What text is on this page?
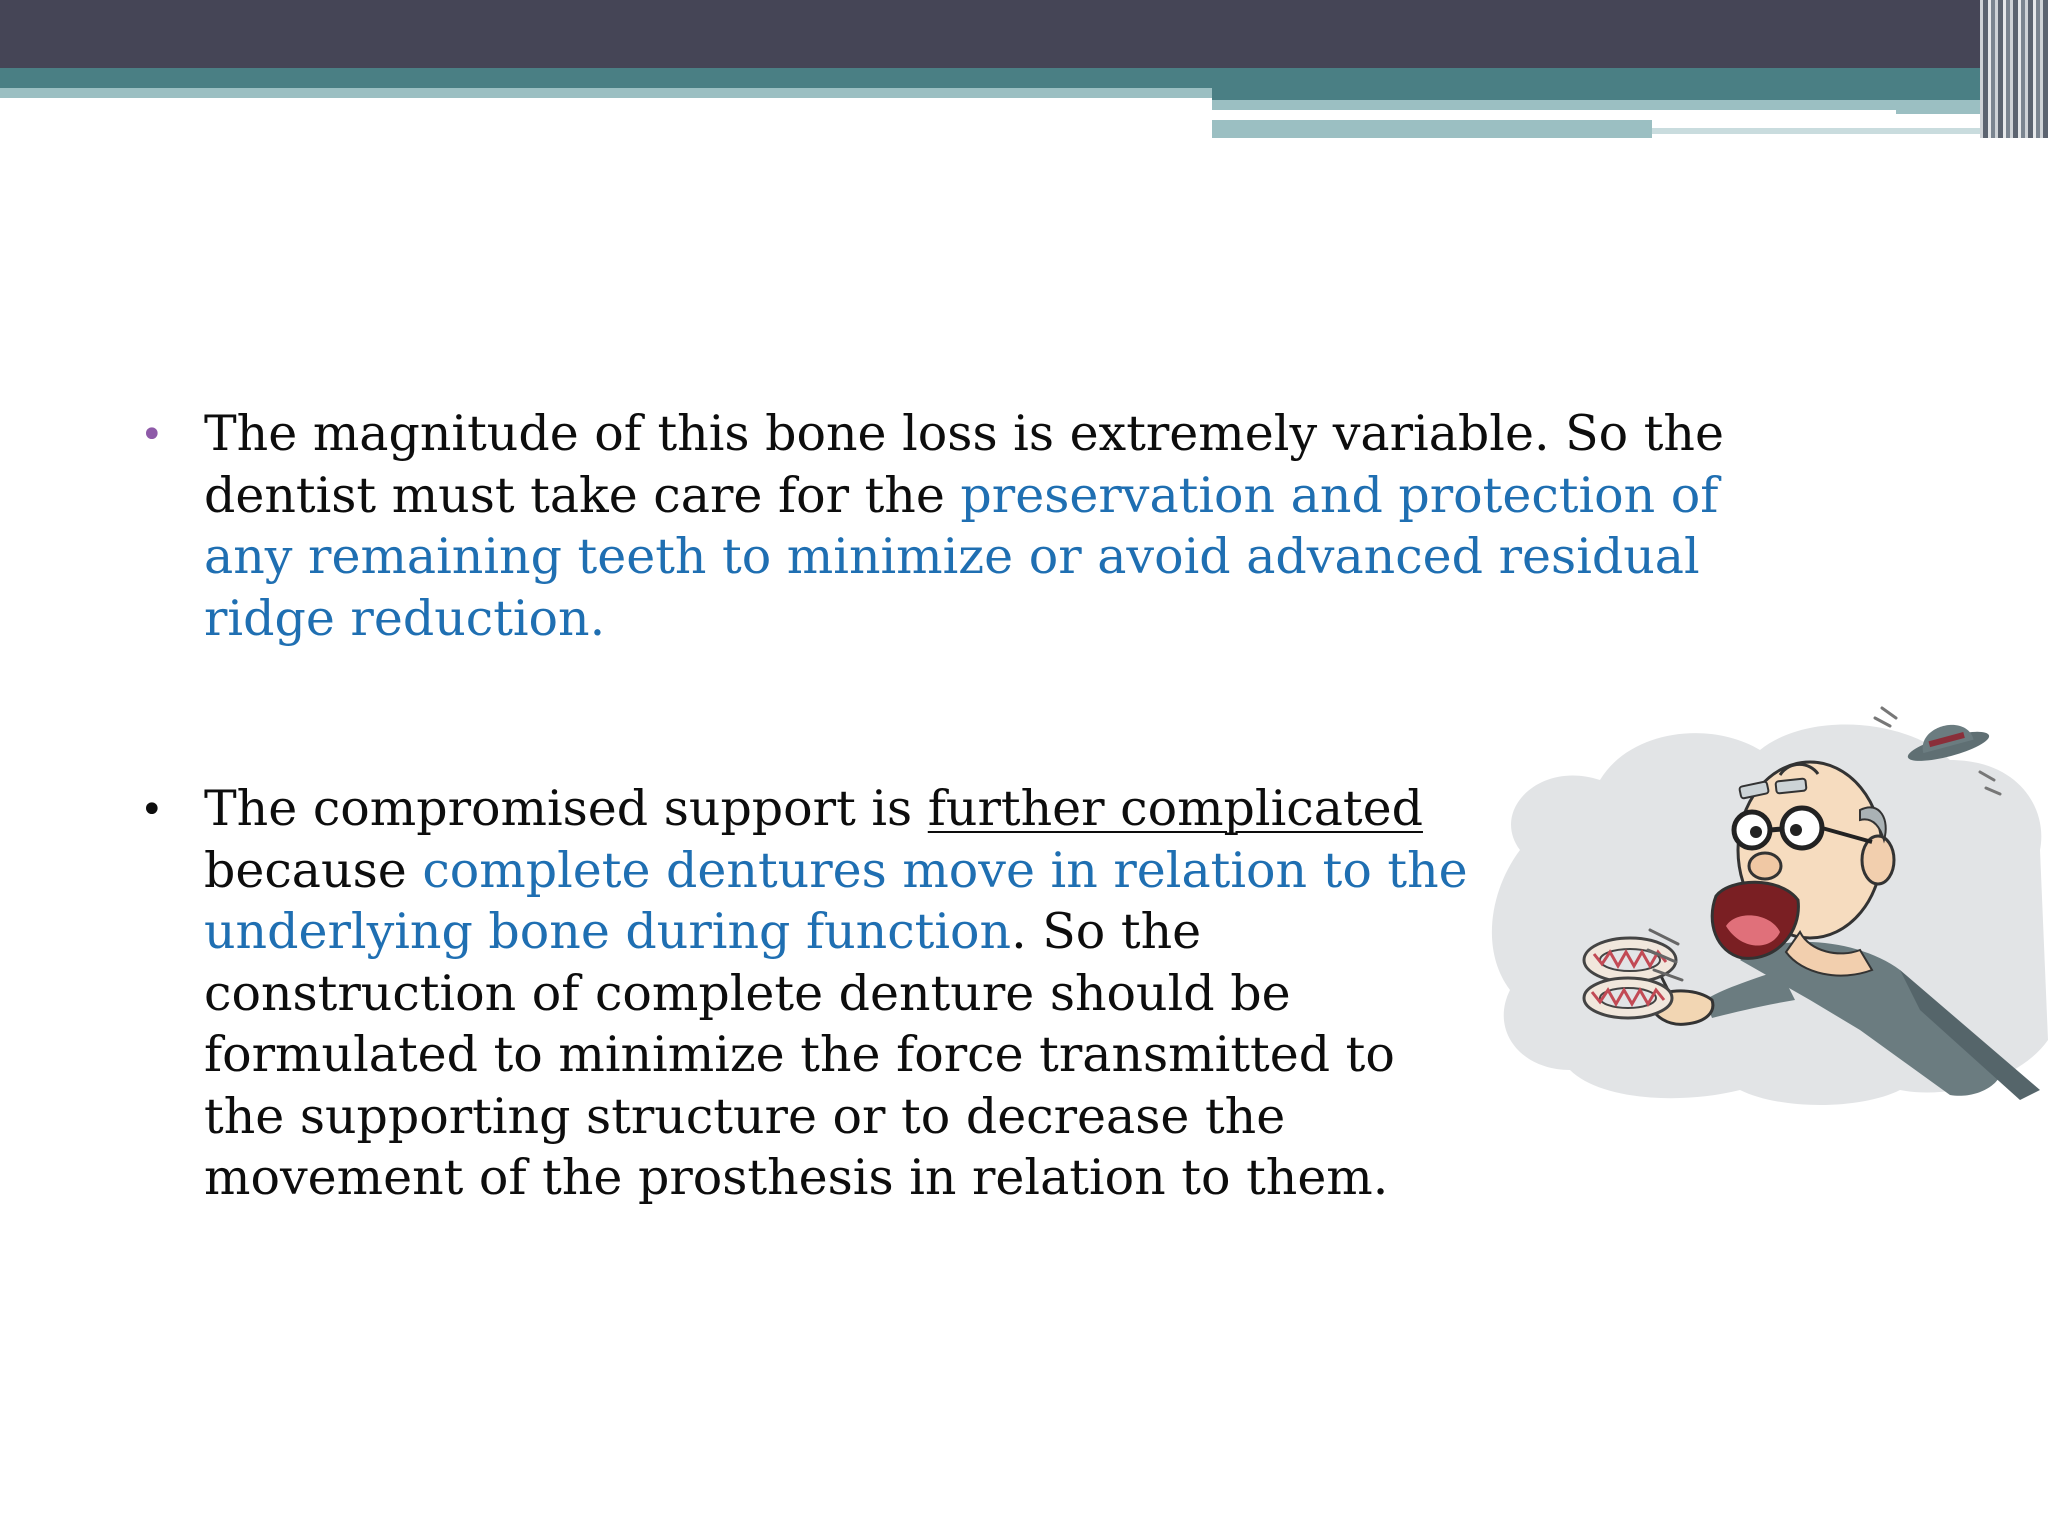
• The magnitude of this bone loss is extremely variable. So the dentist must take care for the preservation and protection of any remaining teeth to minimize or avoid advanced residual ridge reduction.
• The compromised support is further complicated because complete dentures move in relation to the underlying bone during function. So the construction of complete denture should be formulated to minimize the force transmitted to the supporting structure or to decrease the movement of the prosthesis in relation to them.
